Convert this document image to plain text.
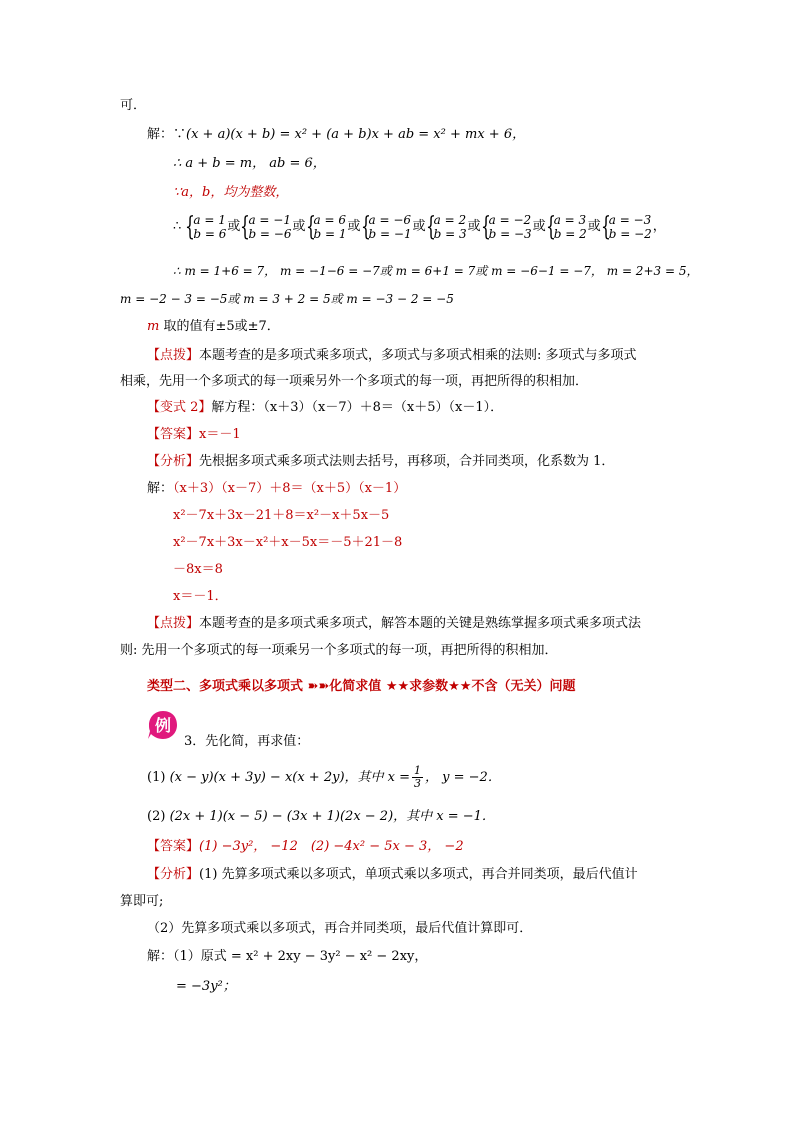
可．
解：∵(x + a)(x + b) = x² + (a + b)x + ab = x² + mx + 6，
∴ a + b = m， ab = 6，
∵a，b，均为整数，
∴ {
a = 1
b = 6 或 {
a = −1
b = −6 或 {
a = 6
b = 1 或 {
a = −6
b = −1 或 {
a = 2
b = 3 或 {
a = −2
b = −3 或 {
a = 3
b = 2 或 {
a = −3
b = −2 ，
∴ m = 1+6 = 7， m = −1−6 = −7或 m = 6+1 = 7或 m = −6−1 = −7， m = 2+3 = 5，
m = −2 − 3 = −5或 m = 3 + 2 = 5或 m = −3 − 2 = −5
m 取的值有±5或±7．
【点拨】本题考查的是多项式乘多项式，多项式与多项式相乘的法则: 多项式与多项式
相乘，先用一个多项式的每一项乘另外一个多项式的每一项，再把所得的积相加．
【变式 2】解方程：（x＋3）（x－7）＋8＝（x＋5）（x－1）．
【答案】x＝－1
【分析】先根据多项式乘多项式法则去括号，再移项，合并同类项，化系数为 1．
解：（x＋3）（x－7）＋8＝（x＋5）（x－1）
x²－7x＋3x－21＋8＝x²－x＋5x－5
x²－7x＋3x－x²＋x－5x＝－5＋21－8
－8x＝8
x＝－1．
【点拨】本题考查的是多项式乘多项式，解答本题的关键是熟练掌握多项式乘多项式法
则: 先用一个多项式的每一项乘另一个多项式的每一项，再把所得的积相加．
类型二、多项式乘以多项式 ➽➽化简求值 ★★求参数★★不含（无关）问题
例
3．先化简，再求值：
(1) (x − y)(x + 3y) − x(x + 2y)，其中 $x = \frac{1}{3}$ ， y = −2．
(2) (2x + 1)(x − 5) − (3x + 1)(2x − 2)，其中 x = −1．
【答案】(1) −3y²， −12　(2) −4x² − 5x − 3， −2
【分析】(1) 先算多项式乘以多项式，单项式乘以多项式，再合并同类项，最后代值计
算即可;
（2）先算多项式乘以多项式，再合并同类项，最后代值计算即可．
解：（1）原式 = x² + 2xy − 3y² − x² − 2xy，
= −3y²；
